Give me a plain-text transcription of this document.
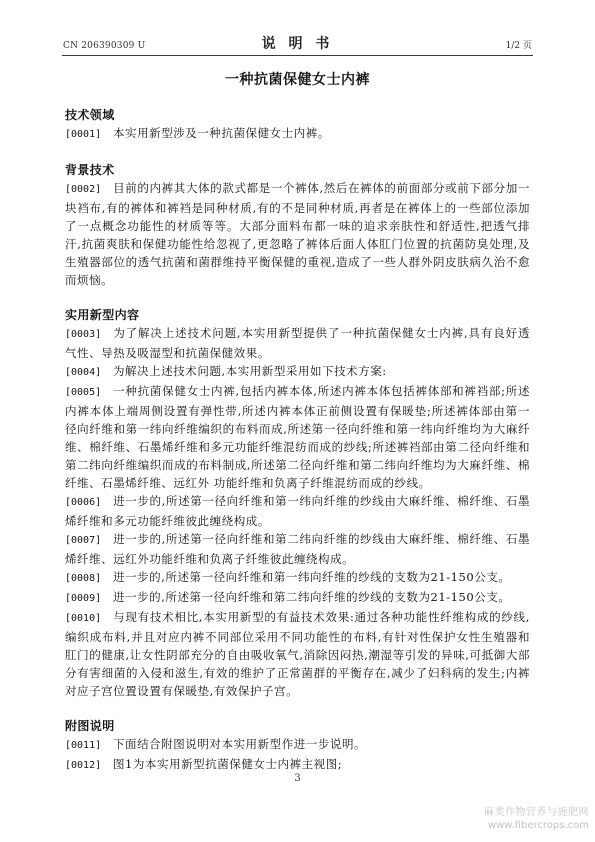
CN 206390309 U	说 明 书	1/2 页
一种抗菌保健女士内裤

技术领域

[0001] 本实用新型涉及一种抗菌保健女士内裤。

背景技术

[0002] 目前的内裤其大体的款式都是一个裤体,然后在裤体的前面部分或前下部分加一块裆布,有的裤体和裤裆是同种材质,有的不是同种材质,再者是在裤体上的一些部位添加了一点概念功能性的材质等等。大部分面料布都一味的追求亲肤性和舒适性,把透气排汗,抗菌爽肤和保健功能性给忽视了,更忽略了裤体后面人体肛门位置的抗菌防臭处理,及生殖器部位的透气抗菌和菌群维持平衡保健的重视,造成了一些人群外阴皮肤病久治不愈而烦恼。

实用新型内容

[0003] 为了解决上述技术问题,本实用新型提供了一种抗菌保健女士内裤,具有良好透气性、导热及吸湿型和抗菌保健效果。

[0004] 为解决上述技术问题,本实用新型采用如下技术方案:

[0005] 一种抗菌保健女士内裤,包括内裤本体,所述内裤本体包括裤体部和裤裆部;所述内裤本体上端周侧设置有弹性带,所述内裤本体正前侧设置有保暖垫;所述裤体部由第一径向纤维和第一纬向纤维编织的布料而成,所述第一径向纤维和第一纬向纤维均为大麻纤维、棉纤维、石墨烯纤维和多元功能纤维混纺而成的纱线;所述裤裆部由第二径向纤维和第二纬向纤维编织而成的布料制成,所述第二径向纤维和第二纬向纤维均为大麻纤维、棉纤维、石墨烯纤维、远红外 功能纤维和负离子纤维混纺而成的纱线。

[0006] 进一步的,所述第一径向纤维和第一纬向纤维的纱线由大麻纤维、棉纤维、石墨烯纤维和多元功能纤维彼此缠绕构成。

[0007] 进一步的,所述第一径向纤维和第二纬向纤维的纱线由大麻纤维、棉纤维、石墨烯纤维、远红外功能纤维和负离子纤维彼此缠绕构成。

[0008] 进一步的,所述第一径向纤维和第一纬向纤维的纱线的支数为21-150公支。

[0009] 进一步的,所述第一径向纤维和第二纬向纤维的纱线的支数为21-150公支。

[0010] 与现有技术相比,本实用新型的有益技术效果:通过各种功能性纤维构成的纱线,编织成布料,并且对应内裤不同部位采用不同功能性的布料,有针对性保护女性生殖器和肛门的健康,让女性阴部充分的自由吸收氧气,消除因闷热,潮湿等引发的异味,可抵御大部分有害细菌的入侵和滋生,有效的维护了正常菌群的平衡存在,减少了妇科病的发生;内裤对应子宫位置设置有保暖垫,有效保护子宫。

附图说明

[0011] 下面结合附图说明对本实用新型作进一步说明。

[0012] 图1为本实用新型抗菌保健女士内裤主视图;

3
麻类作物营养与施肥网
www.fibercrops.com
